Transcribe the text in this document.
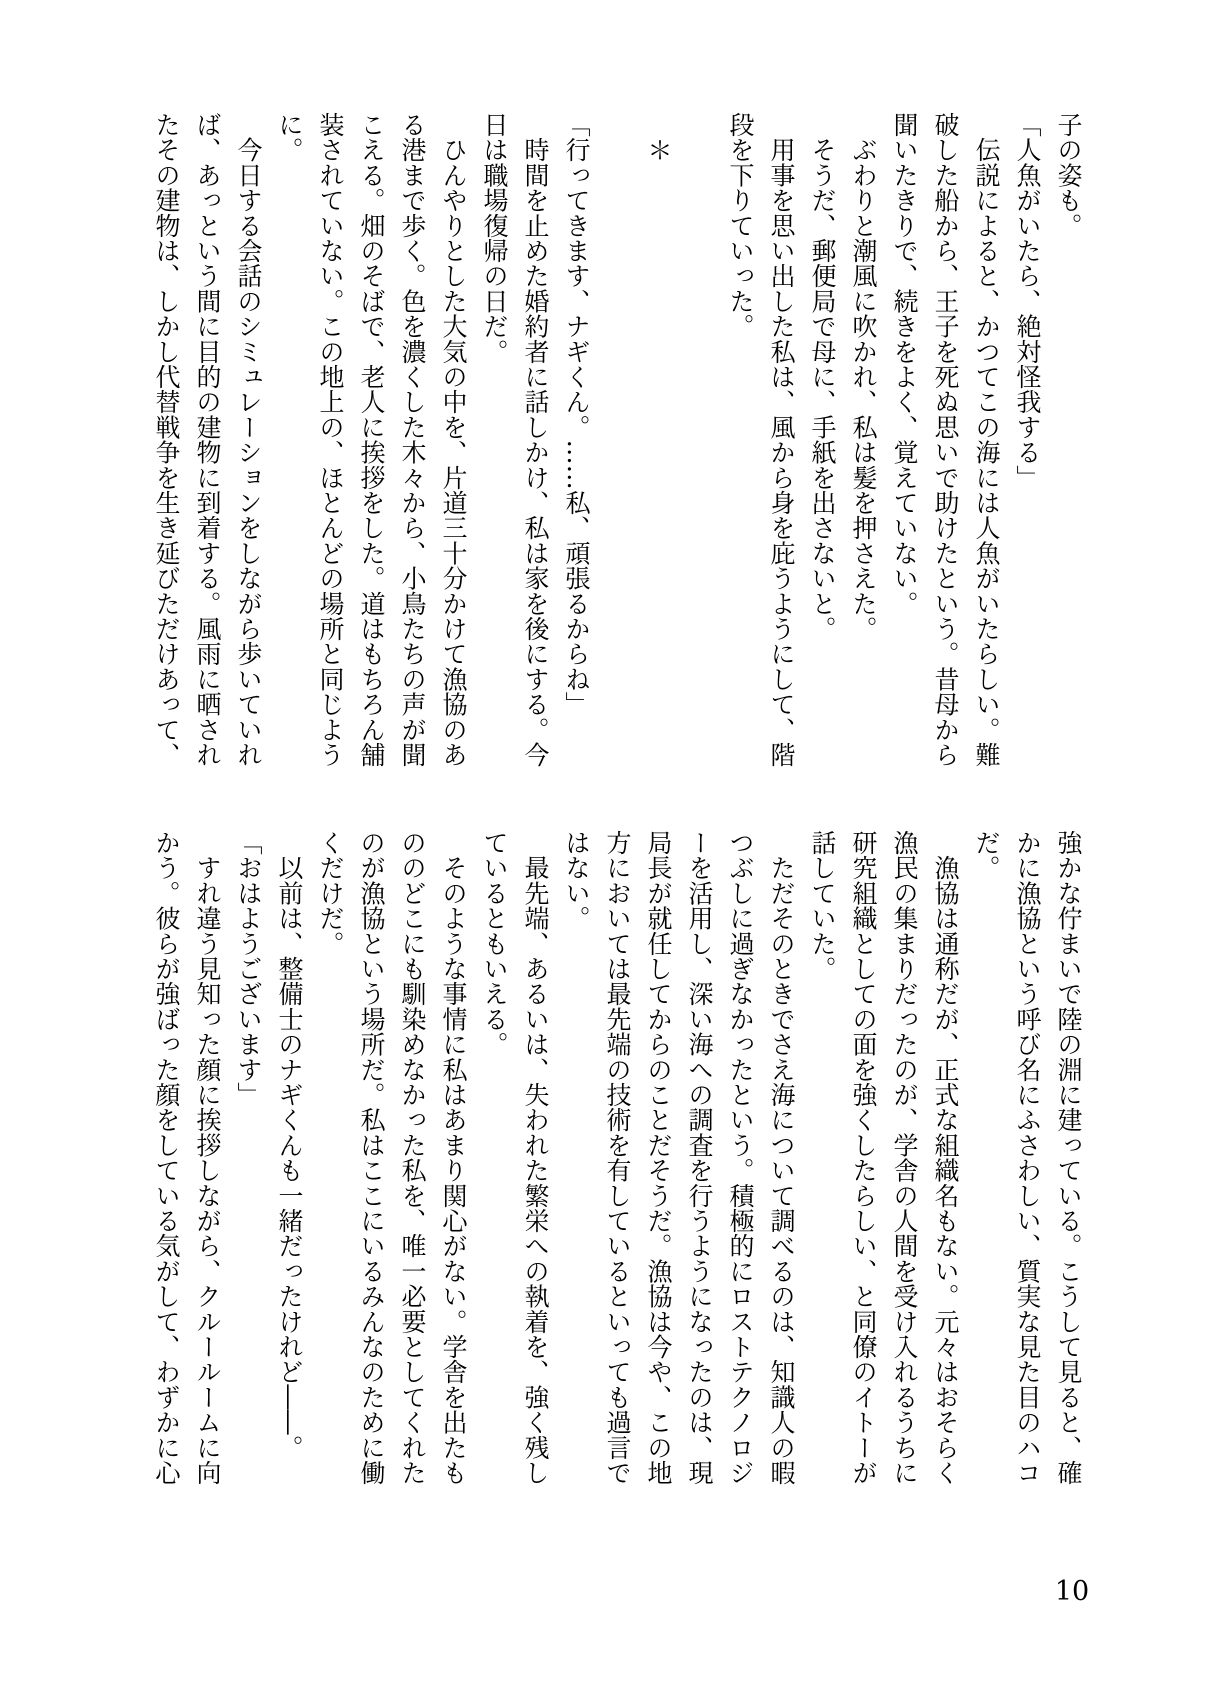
子の姿も。
「人魚がいたら、絶対怪我する」
　伝説によると、かつてこの海には人魚がいたらしい。難
破した船から、王子を死ぬ思いで助けたという。昔母から
聞いたきりで、続きをよく、覚えていない。
　ぶわりと潮風に吹かれ、私は髪を押さえた。
　そうだ、郵便局で母に、手紙を出さないと。
　用事を思い出した私は、風から身を庇うようにして、階
段を下りていった。
　＊
「行ってきます、ナギくん。……私、頑張るからね」
　時間を止めた婚約者に話しかけ、私は家を後にする。今
日は職場復帰の日だ。
　ひんやりとした大気の中を、片道三十分かけて漁協のあ
る港まで歩く。色を濃くした木々から、小鳥たちの声が聞
こえる。畑のそばで、老人に挨拶をした。道はもちろん舗
装されていない。この地上の、ほとんどの場所と同じよう
に。
　今日する会話のシミュレーションをしながら歩いていれ
ば、あっという間に目的の建物に到着する。風雨に晒され
たその建物は、しかし代替戦争を生き延びただけあって、
強かな佇まいで陸の淵に建っている。こうして見ると、確
かに漁協という呼び名にふさわしい、質実な見た目のハコ
だ。
　漁協は通称だが、正式な組織名もない。元々はおそらく
漁民の集まりだったのが、学舎の人間を受け入れるうちに
研究組織としての面を強くしたらしい、と同僚のイトーが
話していた。
　ただそのときでさえ海について調べるのは、知識人の暇
つぶしに過ぎなかったという。積極的にロストテクノロジ
ーを活用し、深い海への調査を行うようになったのは、現
局長が就任してからのことだそうだ。漁協は今や、この地
方においては最先端の技術を有しているといっても過言で
はない。
　最先端、あるいは、失われた繁栄への執着を、強く残し
ているともいえる。
　そのような事情に私はあまり関心がない。学舎を出たも
ののどこにも馴染めなかった私を、唯一必要としてくれた
のが漁協という場所だ。私はここにいるみんなのために働
くだけだ。
　以前は、整備士のナギくんも一緒だったけれど――。
「おはようございます」
　すれ違う見知った顔に挨拶しながら、クルールームに向
かう。彼らが強ばった顔をしている気がして、わずかに心
10
